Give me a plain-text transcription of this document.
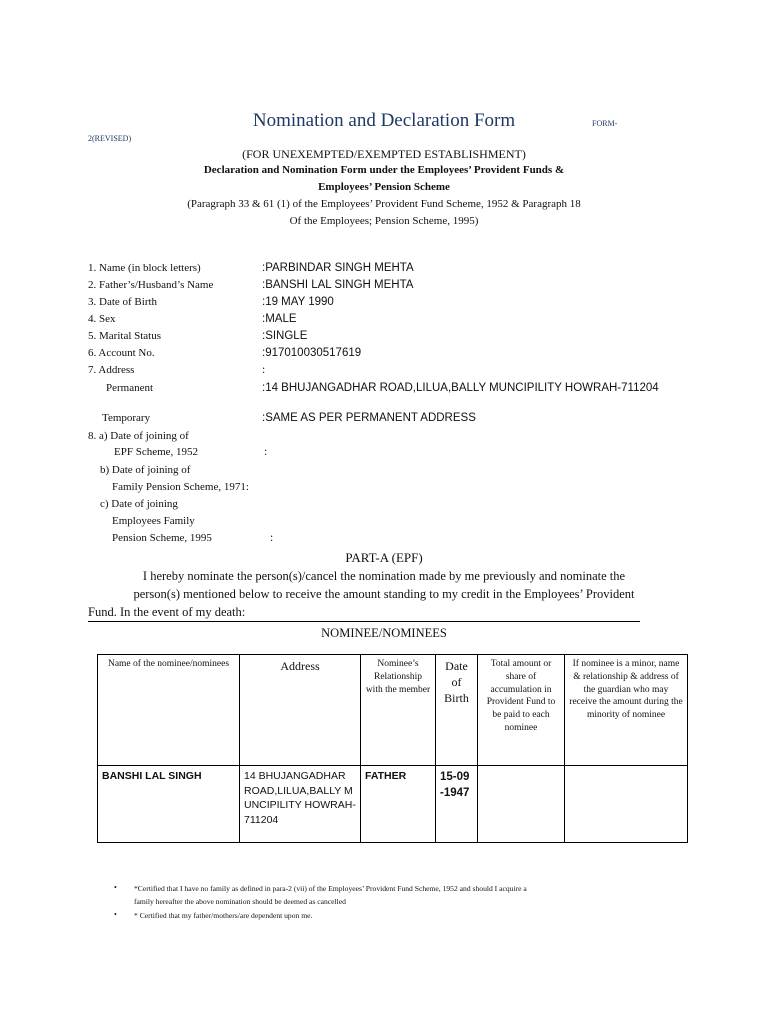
Nomination and Declaration Form	FORM-
2(REVISED)
(FOR UNEXEMPTED/EXEMPTED ESTABLISHMENT)
Declaration and Nomination Form under the Employees’ Provident Funds &
Employees’ Pension Scheme
(Paragraph 33 & 61 (1) of the Employees’ Provident Fund Scheme, 1952 & Paragraph 18
Of the Employees; Pension Scheme, 1995)
1. Name (in block letters)	:PARBINDAR SINGH MEHTA
2. Father’s/Husband’s Name	:BANSHI LAL SINGH MEHTA
3. Date of Birth	:19 MAY 1990
4. Sex	:MALE
5. Marital Status	:SINGLE
6. Account No.	:917010030517619
7. Address	:
Permanent	:14 BHUJANGADHAR ROAD,LILUA,BALLY MUNCIPILITY HOWRAH-711204
Temporary	:SAME AS PER PERMANENT ADDRESS
8. a) Date of joining of
EPF Scheme, 1952	:
b) Date of joining of
Family Pension Scheme, 1971:
c) Date of joining
Employees Family
Pension Scheme, 1995	:
PART-A (EPF)
I hereby nominate the person(s)/cancel the nomination made by me previously and nominate the
person(s) mentioned below to receive the amount standing to my credit in the Employees’ Provident
Fund. In the event of my death:
NOMINEE/NOMINEES
Name of the nominee/nominees	Address	Nominee’s Relationship with the member	Date of Birth	Total amount or share of accumulation in Provident Fund to be paid to each nominee	If nominee is a minor, name & relationship & address of the guardian who may receive the amount during the minority of nominee
BANSHI LAL SINGH	14 BHUJANGADHAR ROAD,LILUA,BALLY MUNCIPILITY HOWRAH-711204	FATHER	15-09-1947		
• *Certified that I have no family as defined in para-2 (vii) of the Employees’ Provident Fund Scheme, 1952 and should I acquire a
family hereafter the above nomination should be deemed as cancelled
• * Certified that my father/mothers/are dependent upon me.
